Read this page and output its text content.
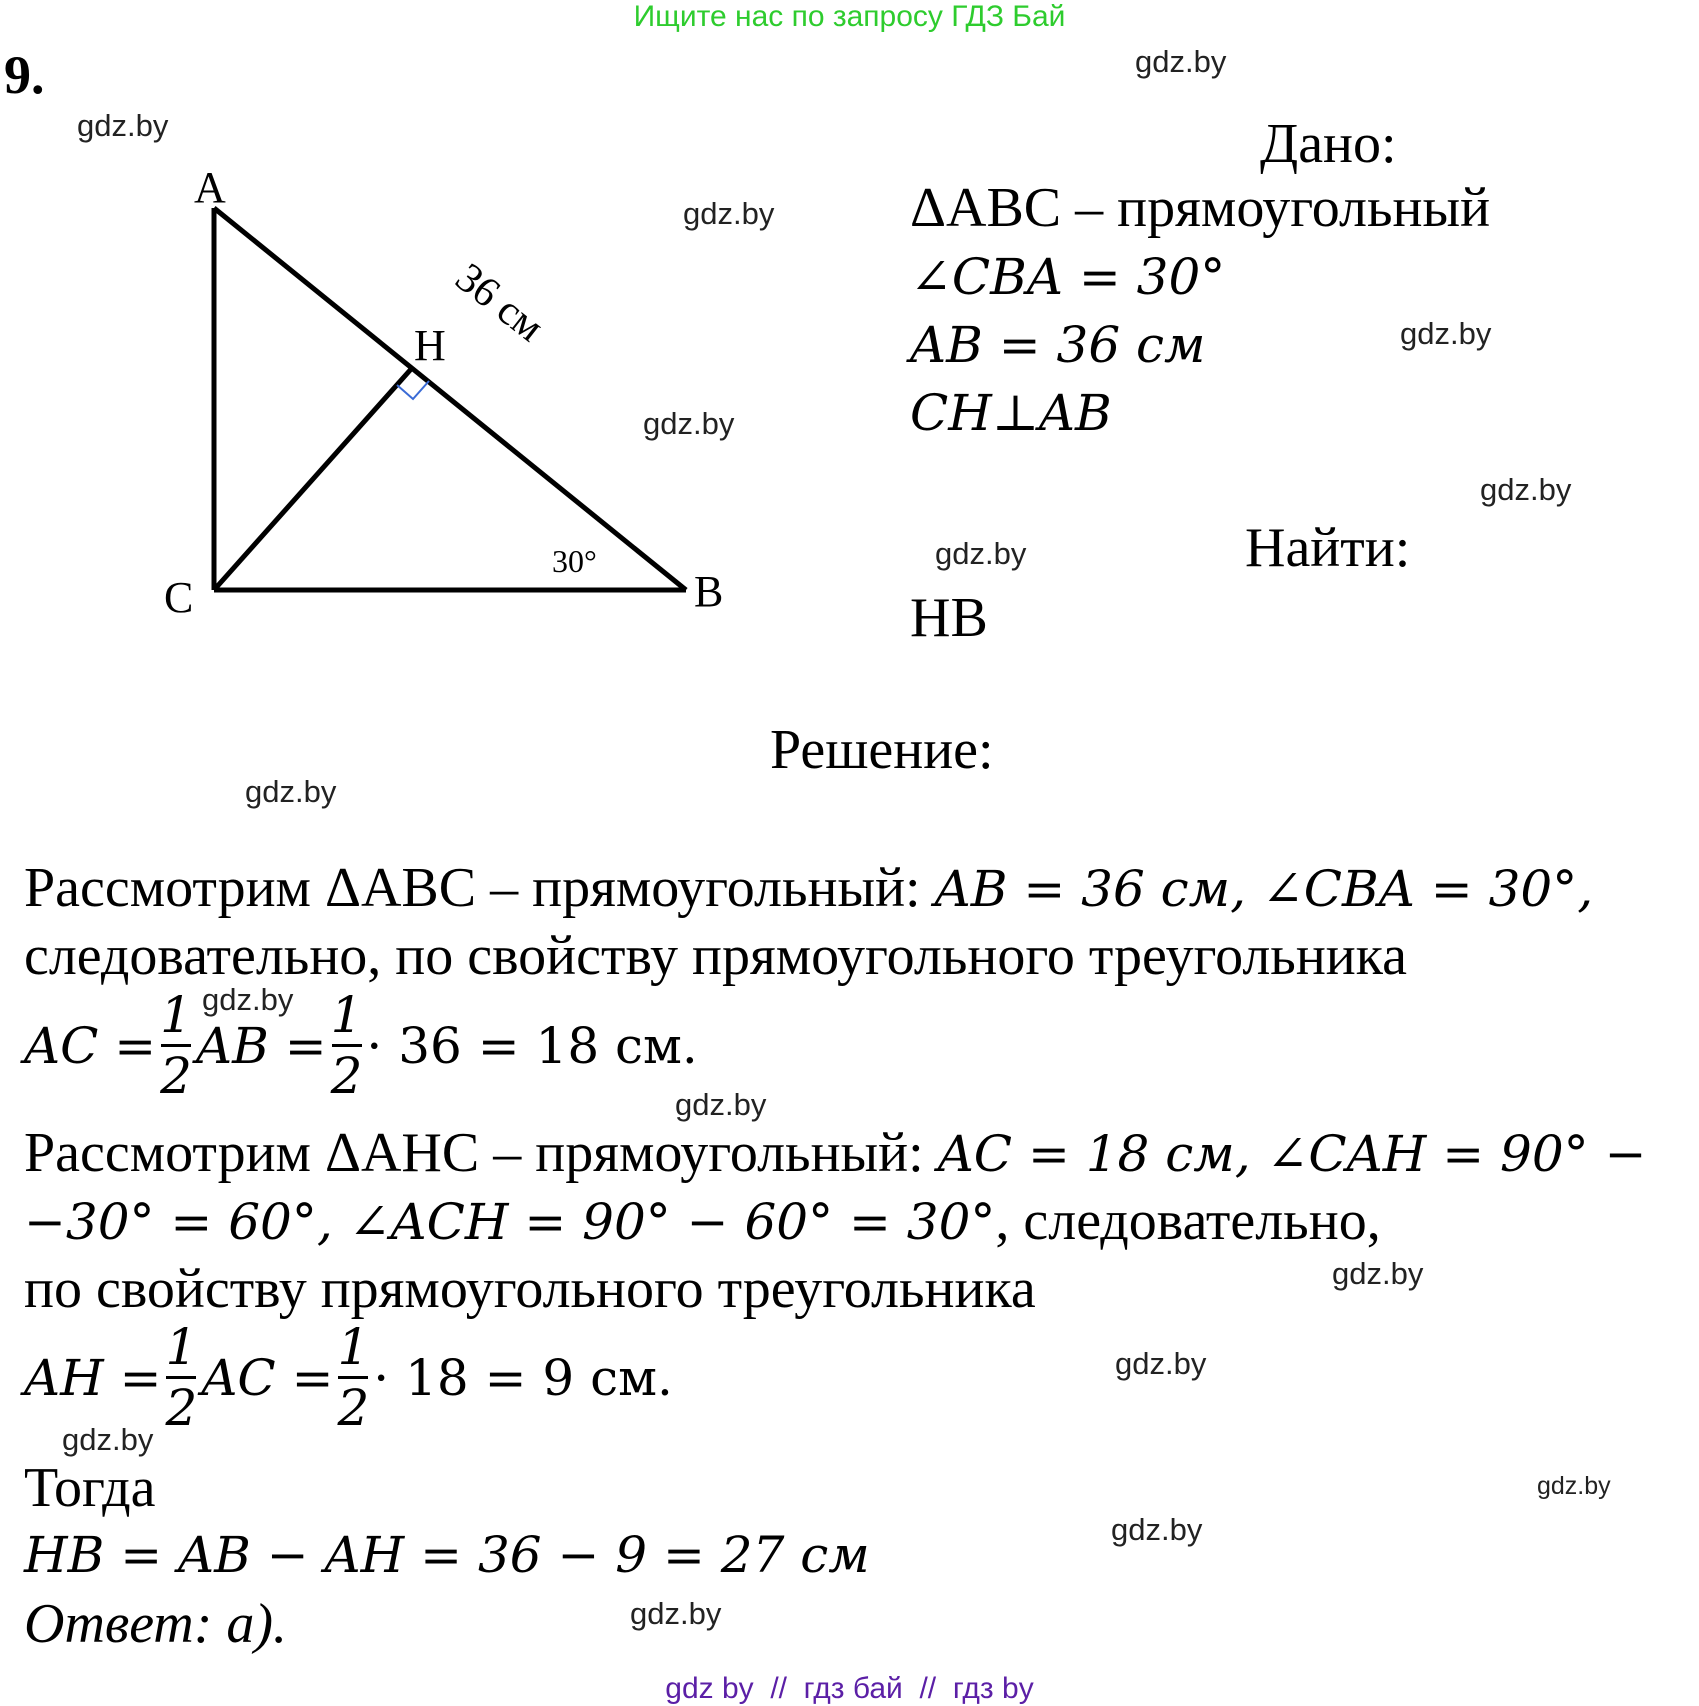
Ищите нас по запросу ГДЗ Бай
9.	gdz.by
gdz.by
gdz.by
gdz.by
gdz.by
gdz.by
gdz.by
gdz.by
gdz.by
gdz.by
gdz.by
gdz.by
gdz.by
gdz.by
gdz.by
gdz.by
A
C	B
H 36 см
30°
Дано:
ΔABC – прямоугольный
∠CBA = 30°
AB = 36 см
CH⊥AB
Найти:
HB
Решение:
Рассмотрим ΔABC – прямоугольный: AB = 36 см, ∠CBA = 30°,
следовательно, по свойству прямоугольного треугольника
AC = $\frac{1}{2}$ AB = $\frac{1}{2} \cdot 36 = 18$ см.
Рассмотрим ΔAHC – прямоугольный: AC = 18 см, ∠CAH = 90° −
−30° = 60°, ∠ACH = 90° − 60° = 30°, следовательно,
по свойству прямоугольного треугольника
AH = $\frac{1}{2}$ AC = $\frac{1}{2} \cdot 18 = 9$ см.
Тогда
HB = AB − AH = 36 − 9 = 27 см
Ответ: а).
gdz by  //  гдз бай  //  гдз by
